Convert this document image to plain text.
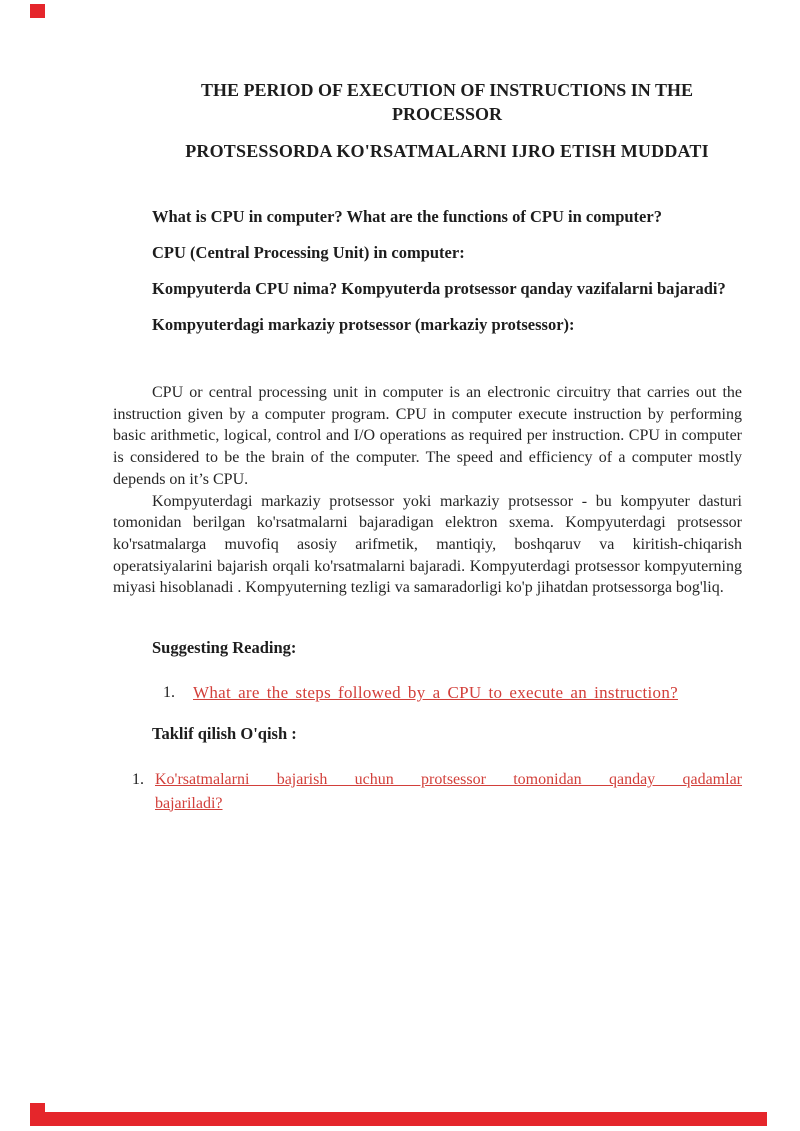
THE PERIOD OF EXECUTION OF INSTRUCTIONS IN THE PROCESSOR
PROTSESSORDA KO'RSATMALARNI IJRO ETISH MUDDATI

What is CPU in computer? What are the functions of CPU in computer?

CPU (Central Processing Unit) in computer:

Kompyuterda CPU nima? Kompyuterda protsessor qanday vazifalarni bajaradi?

Kompyuterdagi markaziy protsessor (markaziy protsessor):

CPU or central processing unit in computer is an electronic circuitry that carries out the instruction given by a computer program. CPU in computer execute instruction by performing basic arithmetic, logical, control and I/O operations as required per instruction. CPU in computer is considered to be the brain of the computer. The speed and efficiency of a computer mostly depends on it’s CPU.

Kompyuterdagi markaziy protsessor yoki markaziy protsessor - bu kompyuter dasturi tomonidan berilgan ko'rsatmalarni bajaradigan elektron sxema. Kompyuterdagi protsessor ko'rsatmalarga muvofiq asosiy arifmetik, mantiqiy, boshqaruv va kiritish-chiqarish operatsiyalarini bajarish orqali ko'rsatmalarni bajaradi. Kompyuterdagi protsessor kompyuterning miyasi hisoblanadi . Kompyuterning tezligi va samaradorligi ko'p jihatdan protsessorga bog'liq.

Suggesting Reading:

1. What are the steps followed by a CPU to execute an instruction?

Taklif qilish O'qish :

1. Ko'rsatmalarni bajarish uchun protsessor tomonidan qanday qadamlar
bajariladi?
